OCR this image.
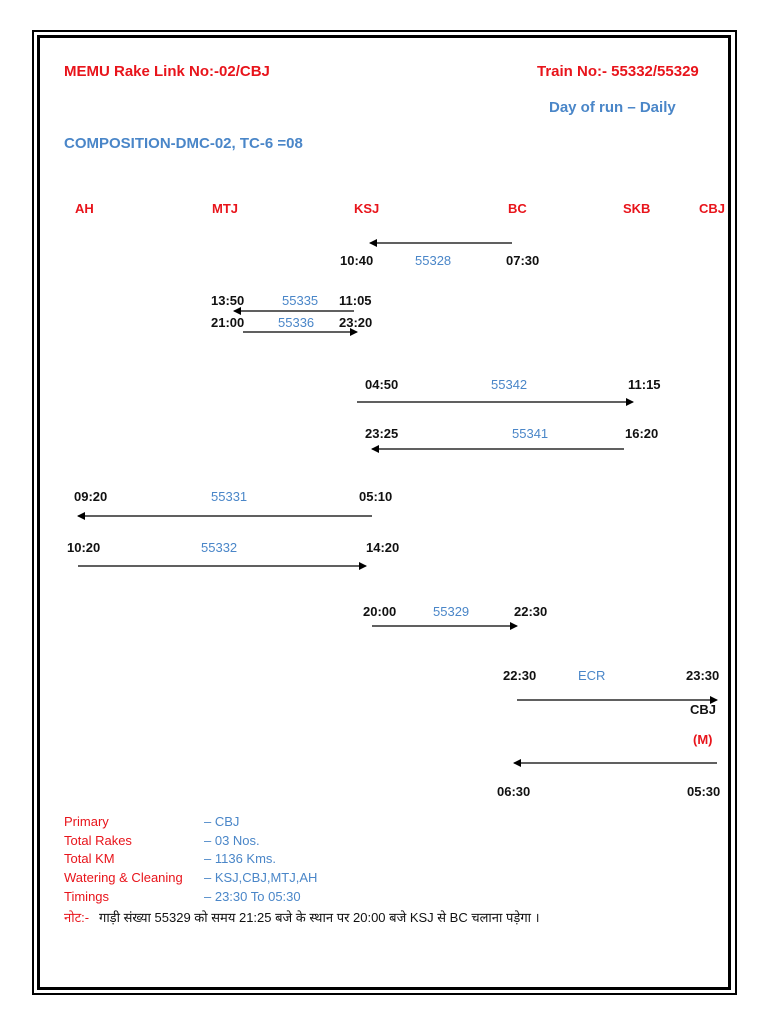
MEMU Rake Link No:-02/CBJ	Train No:- 55332/55329
Day of run – Daily
COMPOSITION-DMC-02, TC-6 =08
AH	MTJ	KSJ	BC	SKB	CBJ
10:40	55328	07:30
13:50	55335 11:05
21:00	55336 23:20
04:50	55342	11:15
23:25	55341	16:20
09:20	55331	05:10
10:20	55332	14:20
20:00	55329	22:30
22:30	ECR	23:30
CBJ
(M)
06:30	05:30
Primary	– CBJ
Total Rakes	– 03 Nos.
Total KM	– 1136 Kms.
Watering & Cleaning – KSJ,CBJ,MTJ,AH
Timings	– 23:30 To 05:30
नोट:- गाड़ी संख्या 55329 को समय 21:25 बजे के स्थान पर 20:00 बजे KSJ से BC चलाना पड़ेगा ।
